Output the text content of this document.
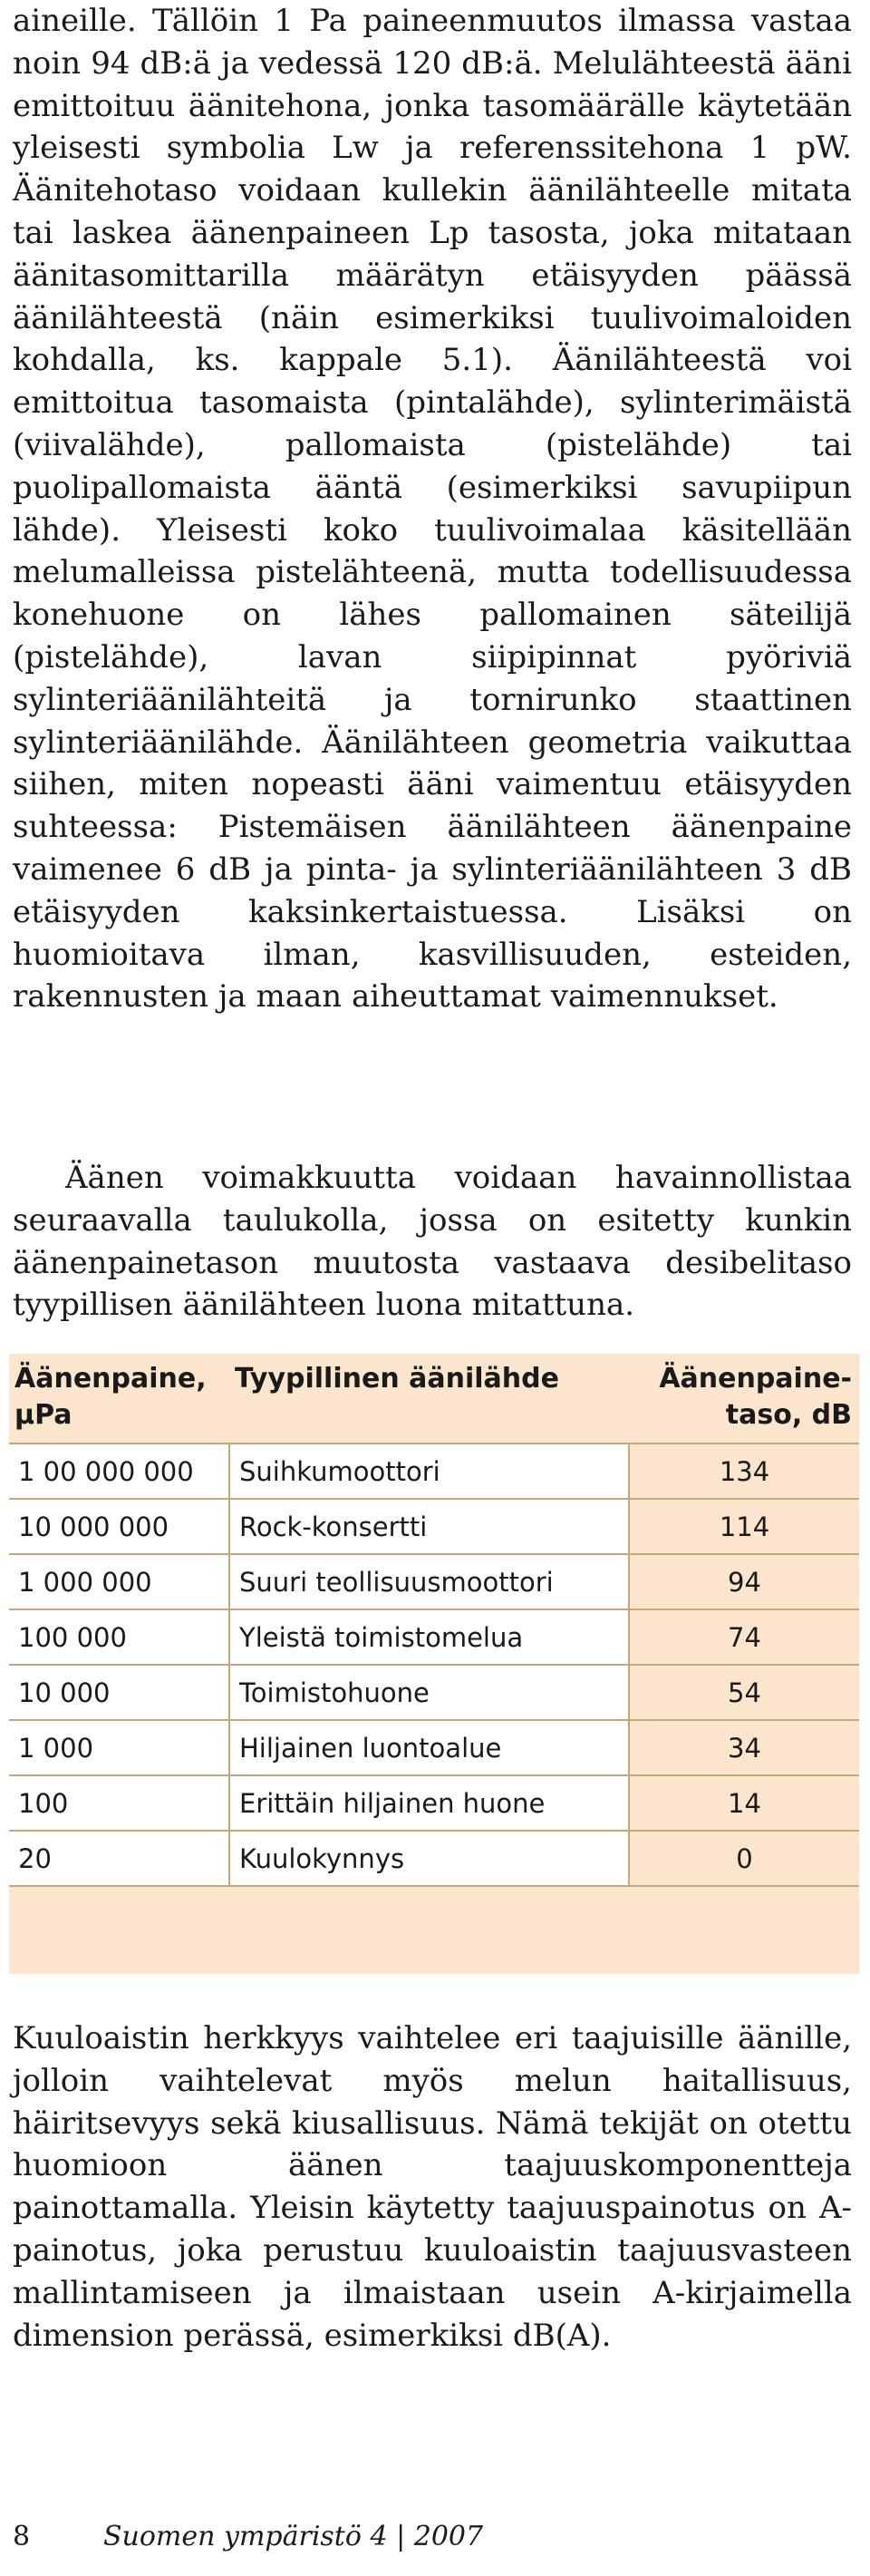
aineille. Tällöin 1 Pa paineenmuutos ilmassa vastaa noin 94 dB:ä ja vedessä 120 dB:ä. Melulähteestä ääni emittoituu äänitehona, jonka tasomäärälle käytetään yleisesti symbolia Lw ja referenssitehona 1 pW. Äänitehotaso voidaan kullekin äänilähteelle mitata tai laskea äänenpaineen Lp tasosta, joka mitataan äänitasomittarilla määrätyn etäisyyden päässä äänilähteestä (näin esimerkiksi tuulivoimaloiden kohdalla, ks. kappale 5.1). Äänilähteestä voi emittoitua tasomaista (pintalähde), sylinterimäistä (viivalähde), pallomaista (pistelähde) tai puolipallomaista ääntä (esimerkiksi savupiipun lähde). Yleisesti koko tuulivoimalaa käsitellään melumalleissa pistelähteenä, mutta todellisuudessa konehuone on lähes pallomainen säteilijä (pistelähde), lavan siipipinnat pyöriviä sylinteriäänilähteitä ja tornirunko staattinen sylinteriäänilähde. Äänilähteen geometria vaikuttaa siihen, miten nopeasti ääni vaimentuu etäisyyden suhteessa: Pistemäisen äänilähteen äänenpaine vaimenee 6 dB ja pinta- ja sylinteriäänilähteen 3 dB etäisyyden kaksinkertaistuessa. Lisäksi on huomioitava ilman, kasvillisuuden, esteiden, rakennusten ja maan aiheuttamat vaimennukset.

Äänen voimakkuutta voidaan havainnollistaa seuraavalla taulukolla, jossa on esitetty kunkin äänenpainetason muutosta vastaava desibelitaso tyypillisen äänilähteen luona mitattuna.

Äänenpaine, μPa	Tyypillinen äänilähde	Äänenpaine-taso, dB
1 00 000 000	Suihkumoottori	134
10 000 000	Rock-konsertti	114
1 000 000	Suuri teollisuusmoottori	94
100 000	Yleistä toimistomelua	74
10 000	Toimistohuone	54
1 000	Hiljainen luontoalue	34
100	Erittäin hiljainen huone	14
20	Kuulokynnys	0

Kuuloaistin herkkyys vaihtelee eri taajuisille äänille, jolloin vaihtelevat myös melun haitallisuus, häiritsevyys sekä kiusallisuus. Nämä tekijät on otettu huomioon äänen taajuuskomponentteja painottamalla. Yleisin käytetty taajuuspainotus on A-painotus, joka perustuu kuuloaistin taajuusvasteen mallintamiseen ja ilmaistaan usein A-kirjaimella dimension perässä, esimerkiksi dB(A).

8	Suomen ympäristö 4 | 2007
